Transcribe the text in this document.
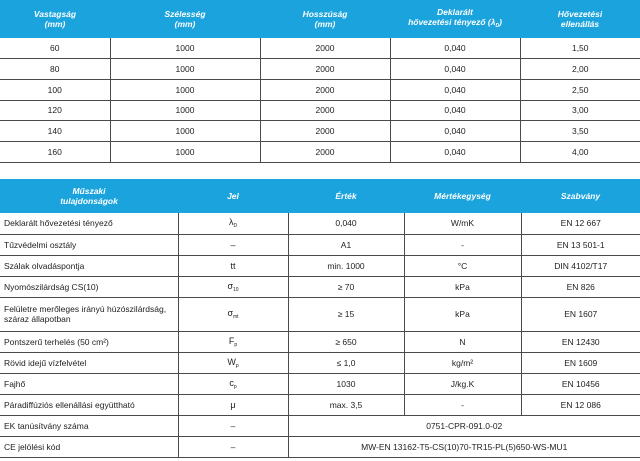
Vastagság
(mm)	Szélesség
(mm)	Hosszúság
(mm)	Deklarált
hővezetési tényező $(\lambda_D)$	Hővezetési
ellenállás
60	1000	2000	0,040	1,50
80	1000	2000	0,040	2,00
100	1000	2000	0,040	2,50
120	1000	2000	0,040	3,00
140	1000	2000	0,040	3,50
160	1000	2000	0,040	4,00
Műszaki
tulajdonságok	Jel	Érték	Mértékegység	Szabvány
Deklarált hővezetési tényező	$\lambda_D$	0,040	W/mK	EN 12 667
Tűzvédelmi osztály	–	A1	-	EN 13 501-1
Szálak olvadáspontja	tt	min. 1000	°C	DIN 4102/T17
Nyomószilárdság CS(10)	$\sigma_{10}$	≥ 70	kPa	EN 826
Felületre merőleges irányú húzószilárdság, száraz állapotban	$\sigma_{mt}$	≥ 15	kPa	EN 1607
Pontszerű terhelés (50 cm²)	$F_p$	≥ 650	N	EN 12430
Rövid idejű vízfelvétel	$W_p$	≤ 1,0	kg/m²	EN 1609
Fajhő	$c_p$	1030	J/kg.K	EN 10456
Páradiffúziós ellenállási együttható	μ	max. 3,5	-	EN 12 086
EK tanúsítvány száma	–	0751-CPR-091.0-02		
CE jelölési kód	–	MW-EN 13162-T5-CS(10)70-TR15-PL(5)650-WS-MU1		
